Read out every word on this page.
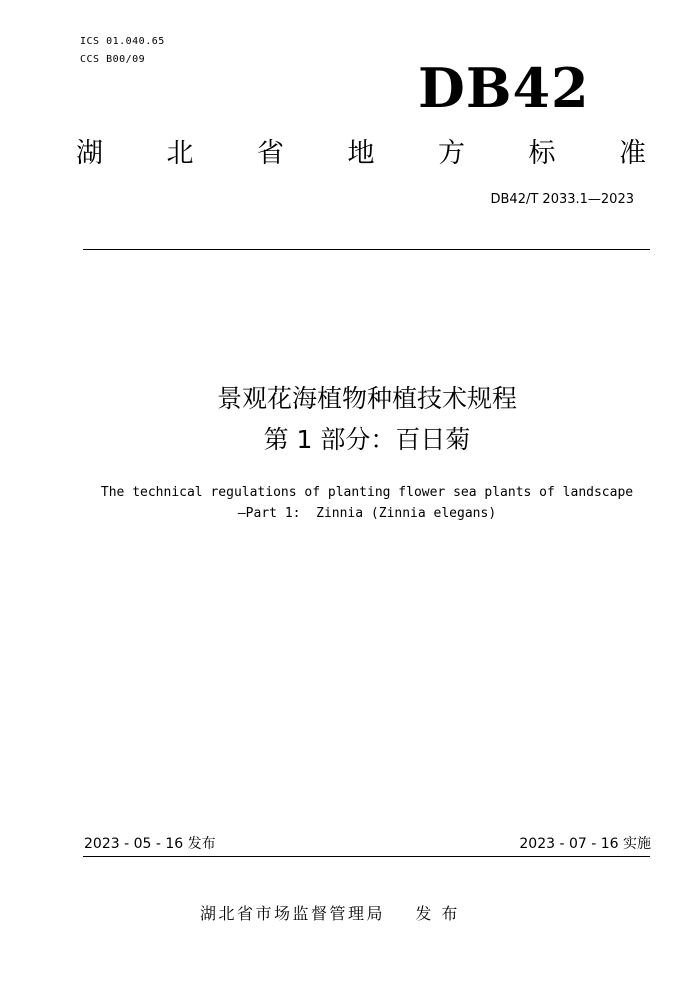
ICS 01.040.65
CCS B00/09	DB42
湖 北 省 地 方 标 准
DB42/T 2033.1—2023
景观花海植物种植技术规程
第 1 部分：百日菊
The technical regulations of planting flower sea plants of landscape
—Part 1:  Zinnia (Zinnia elegans)
2023 - 05 - 16 发布	2023 - 07 - 16 实施
湖北省市场监督管理局    发 布
